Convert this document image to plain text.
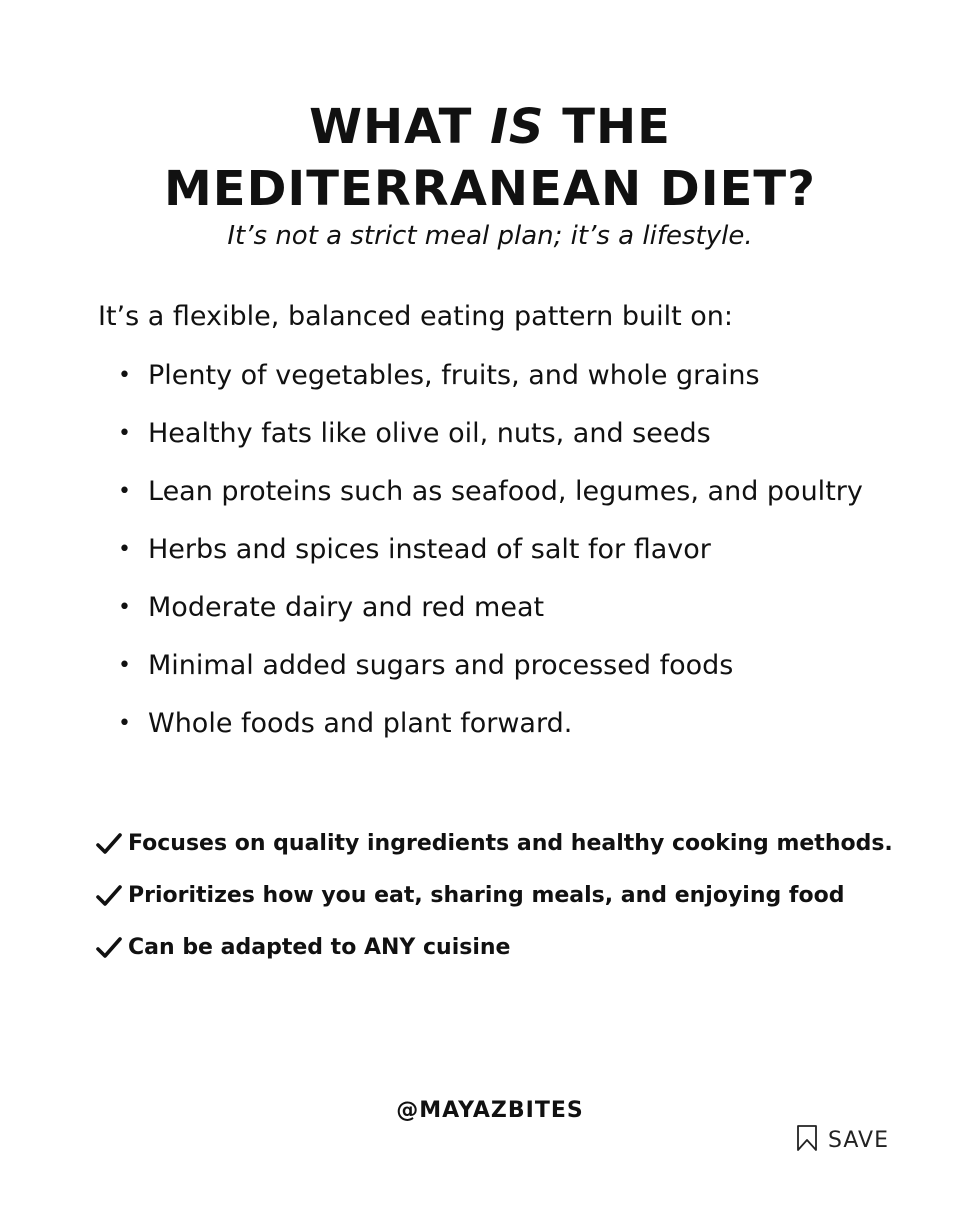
WHAT IS THE
MEDITERRANEAN DIET?

It’s not a strict meal plan; it’s a lifestyle.

It’s a flexible, balanced eating pattern built on:

• Plenty of vegetables, fruits, and whole grains
• Healthy fats like olive oil, nuts, and seeds
• Lean proteins such as seafood, legumes, and poultry
• Herbs and spices instead of salt for flavor
• Moderate dairy and red meat
• Minimal added sugars and processed foods
• Whole foods and plant forward.
Focuses on quality ingredients and healthy cooking methods.
Prioritizes how you eat, sharing meals, and enjoying food
Can be adapted to ANY cuisine

@MAYAZBITES

SAVE
